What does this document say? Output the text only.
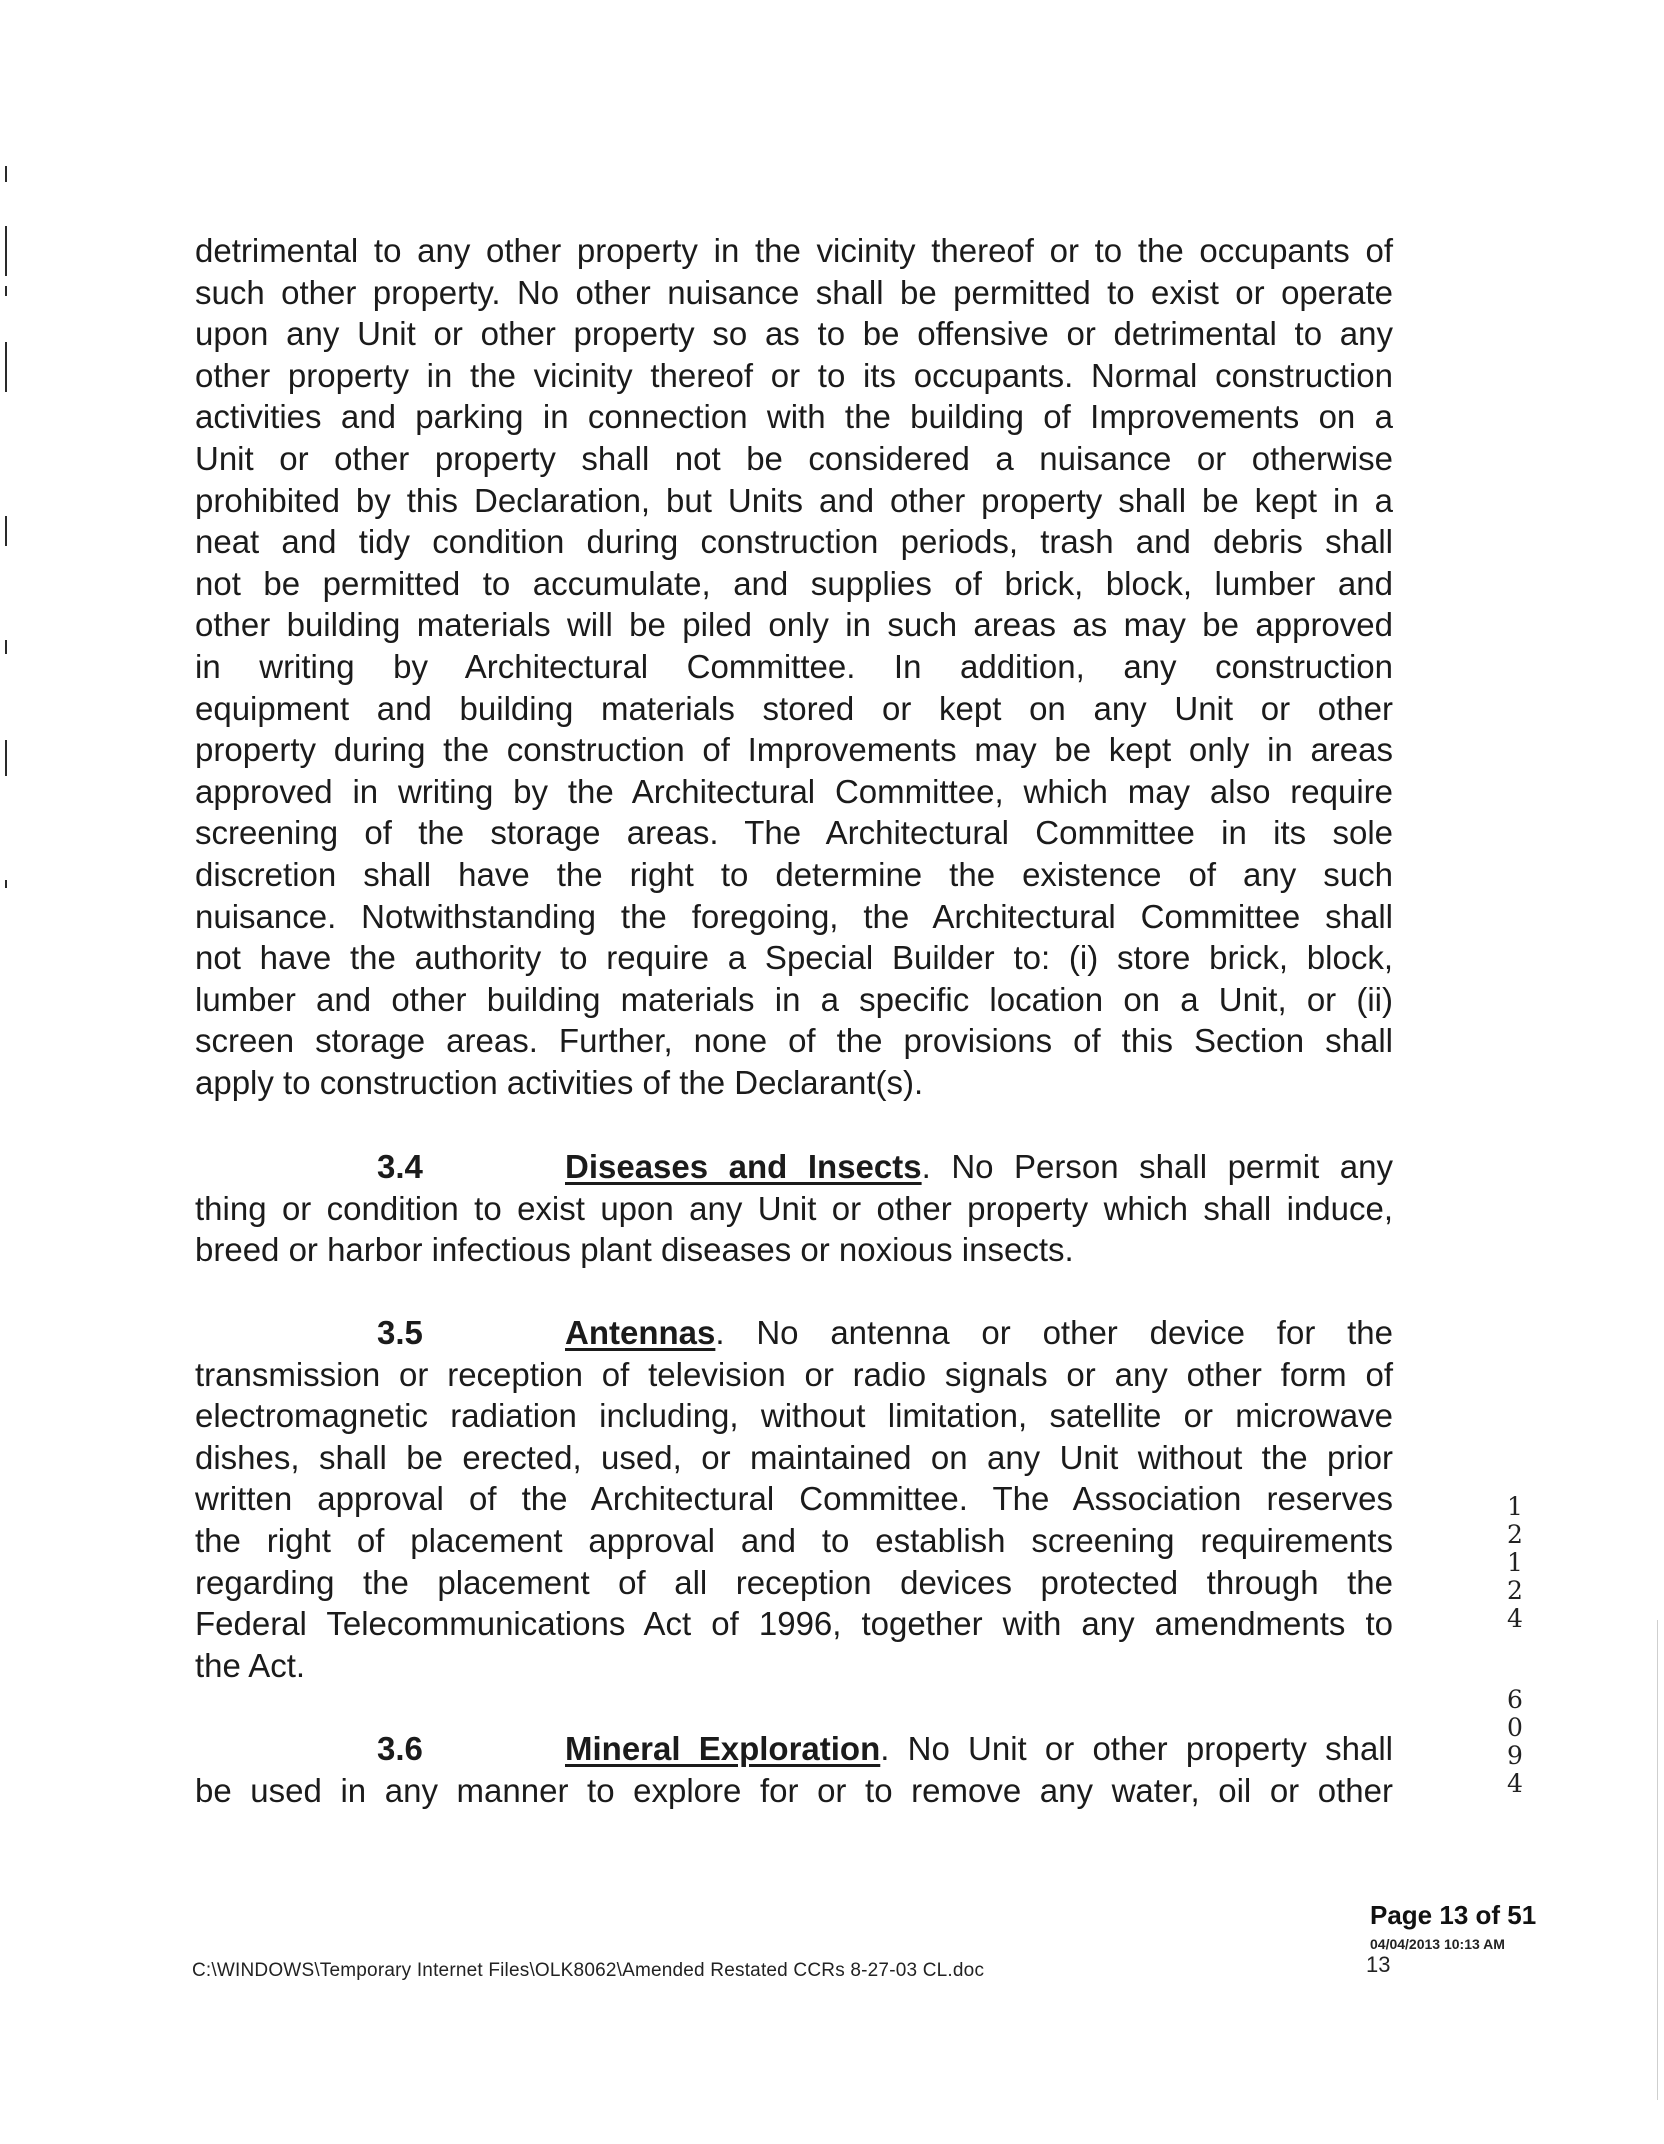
detrimental to any other property in the vicinity thereof or to the occupants of
such other property. No other nuisance shall be permitted to exist or operate
upon any Unit or other property so as to be offensive or detrimental to any
other property in the vicinity thereof or to its occupants. Normal construction
activities and parking in connection with the building of Improvements on a
Unit or other property shall not be considered a nuisance or otherwise
prohibited by this Declaration, but Units and other property shall be kept in a
neat and tidy condition during construction periods, trash and debris shall
not be permitted to accumulate, and supplies of brick, block, lumber and
other building materials will be piled only in such areas as may be approved
in writing by Architectural Committee. In addition, any construction
equipment and building materials stored or kept on any Unit or other
property during the construction of Improvements may be kept only in areas
approved in writing by the Architectural Committee, which may also require
screening of the storage areas. The Architectural Committee in its sole
discretion shall have the right to determine the existence of any such
nuisance. Notwithstanding the foregoing, the Architectural Committee shall
not have the authority to require a Special Builder to: (i) store brick, block,
lumber and other building materials in a specific location on a Unit, or (ii)
screen storage areas. Further, none of the provisions of this Section shall
apply to construction activities of the Declarant(s).
3.4	Diseases and Insects. No Person shall permit any
thing or condition to exist upon any Unit or other property which shall induce,
breed or harbor infectious plant diseases or noxious insects.
3.5	Antennas. No antenna or other device for the
transmission or reception of television or radio signals or any other form of
electromagnetic radiation including, without limitation, satellite or microwave
dishes, shall be erected, used, or maintained on any Unit without the prior
written approval of the Architectural Committee. The Association reserves
the right of placement approval and to establish screening requirements
regarding the placement of all reception devices protected through the
Federal Telecommunications Act of 1996, together with any amendments to
the Act.
3.6	Mineral Exploration. No Unit or other property shall
be used in any manner to explore for or to remove any water, oil or other
1
2
1
2
4
6
0
9
4
Page 13 of 51
04/04/2013 10:13 AM
13
C:\WINDOWS\Temporary Internet Files\OLK8062\Amended Restated CCRs 8-27-03 CL.doc
